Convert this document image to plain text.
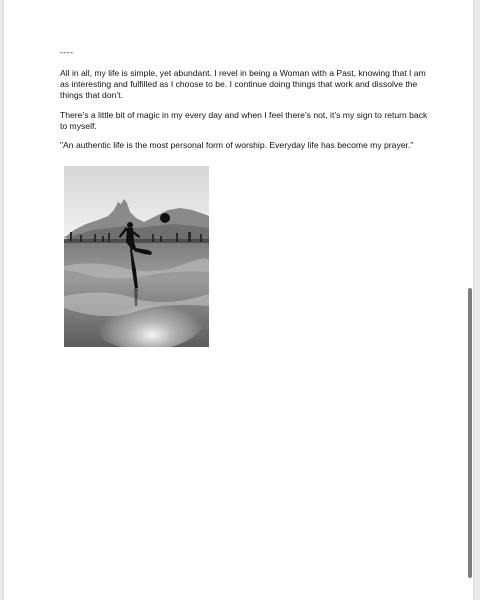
----

All in all, my life is simple, yet abundant. I revel in being a Woman with a Past, knowing that I am as interesting and fulfilled as I choose to be. I continue doing things that work and dissolve the things that don’t.

There’s a little bit of magic in my every day and when I feel there’s not, it’s my sign to return back to myself.

"An authentic life is the most personal form of worship. Everyday life has become my prayer."
